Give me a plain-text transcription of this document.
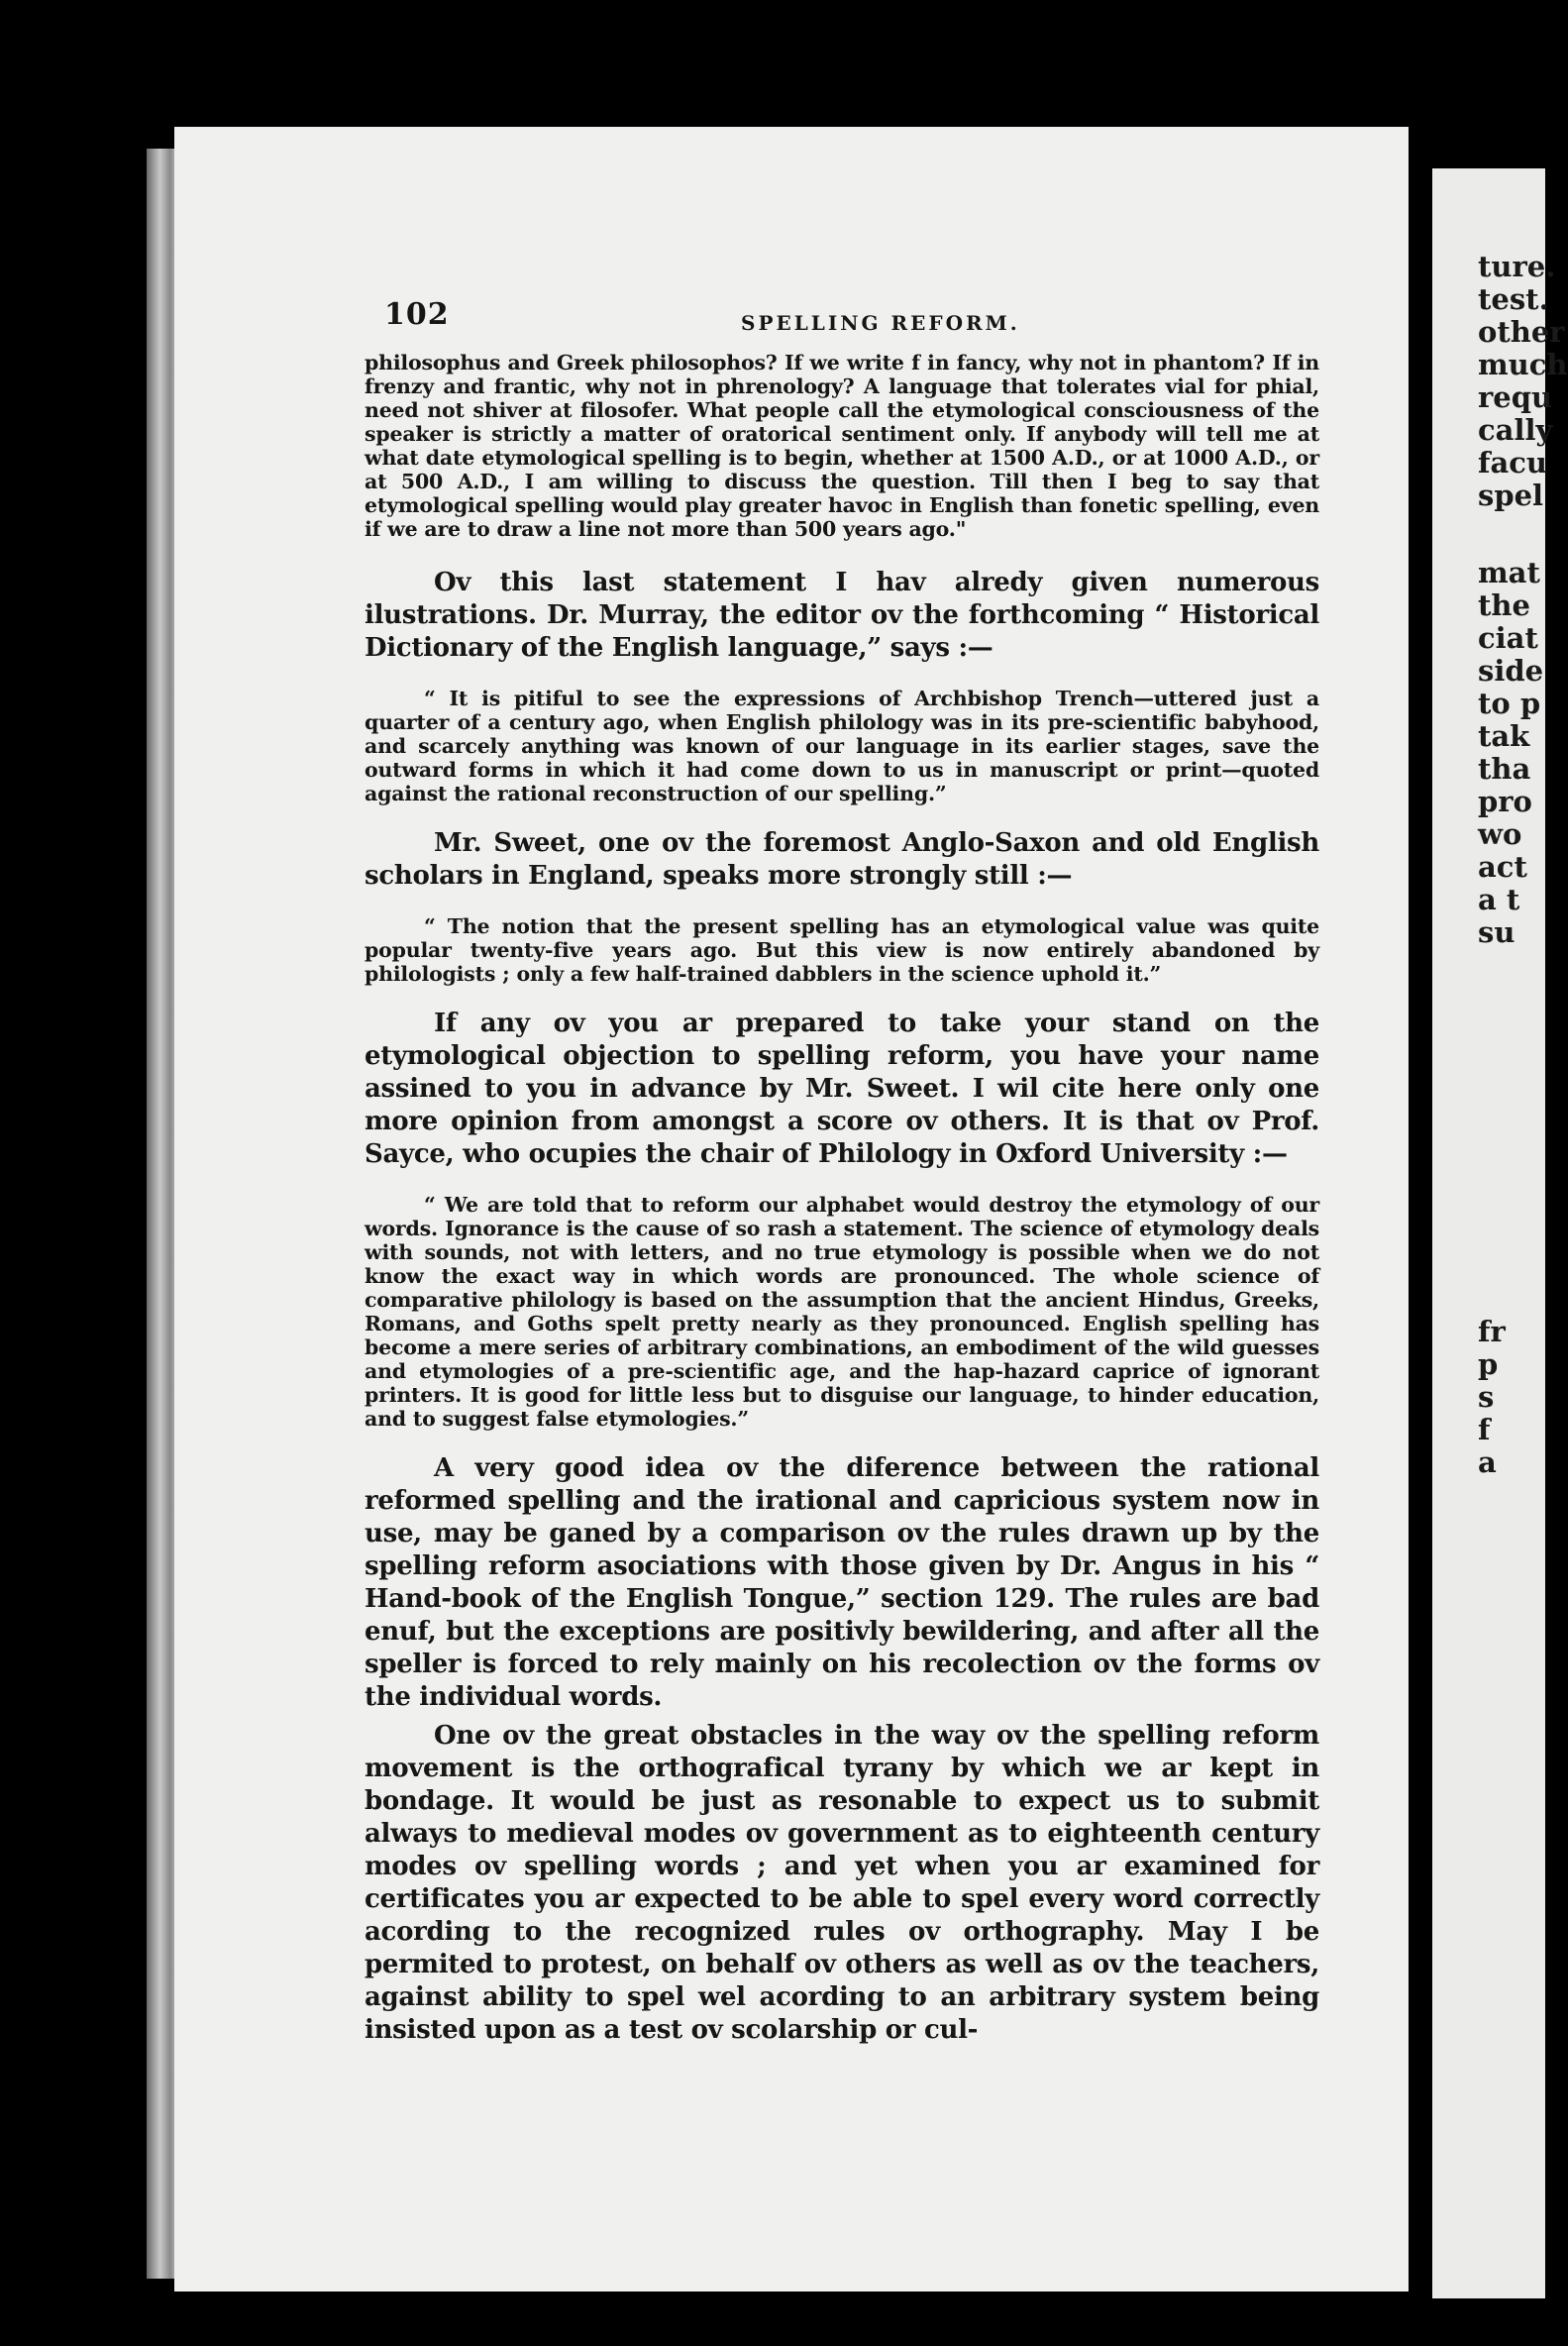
102	SPELLING REFORM.

philosophus and Greek philosophos? If we write f in fancy, why not in phantom? If in frenzy and frantic, why not in phrenology? A language that tolerates vial for phial, need not shiver at filosofer. What people call the etymological consciousness of the speaker is strictly a matter of oratorical sentiment only. If anybody will tell me at what date etymological spelling is to begin, whether at 1500 A.D., or at 1000 A.D., or at 500 A.D., I am willing to discuss the question. Till then I beg to say that etymological spelling would play greater havoc in English than fonetic spelling, even if we are to draw a line not more than 500 years ago."

Ov this last statement I hav alredy given numerous ilustrations. Dr. Murray, the editor ov the forthcoming “ Historical Dictionary of the English language,” says :—

“ It is pitiful to see the expressions of Archbishop Trench—uttered just a quarter of a century ago, when English philology was in its pre-scientific babyhood, and scarcely anything was known of our language in its earlier stages, save the outward forms in which it had come down to us in manuscript or print—quoted against the rational reconstruction of our spelling.”

Mr. Sweet, one ov the foremost Anglo-Saxon and old English scholars in England, speaks more strongly still :—

“ The notion that the present spelling has an etymological value was quite popular twenty-five years ago. But this view is now entirely abandoned by philologists ; only a few half-trained dabblers in the science uphold it.”

If any ov you ar prepared to take your stand on the etymological objection to spelling reform, you have your name assined to you in advance by Mr. Sweet. I wil cite here only one more opinion from amongst a score ov others. It is that ov Prof. Sayce, who ocupies the chair of Philology in Oxford University :—

“ We are told that to reform our alphabet would destroy the etymology of our words. Ignorance is the cause of so rash a statement. The science of etymology deals with sounds, not with letters, and no true etymology is possible when we do not know the exact way in which words are pronounced. The whole science of comparative philology is based on the assumption that the ancient Hindus, Greeks, Romans, and Goths spelt pretty nearly as they pronounced. English spelling has become a mere series of arbitrary combinations, an embodiment of the wild guesses and etymologies of a pre-scientific age, and the hap-hazard caprice of ignorant printers. It is good for little less but to disguise our language, to hinder education, and to suggest false etymologies.”

A very good idea ov the diference between the rational reformed spelling and the irational and capricious system now in use, may be ganed by a comparison ov the rules drawn up by the spelling reform asociations with those given by Dr. Angus in his “ Hand-book of the English Tongue,” section 129. The rules are bad enuf, but the exceptions are positivly bewildering, and after all the speller is forced to rely mainly on his recolection ov the forms ov the individual words.

One ov the great obstacles in the way ov the spelling reform movement is the orthografical tyrany by which we ar kept in bondage. It would be just as resonable to expect us to submit always to medieval modes ov government as to eighteenth century modes ov spelling words ; and yet when you ar examined for certificates you ar expected to be able to spel every word correctly acording to the recognized rules ov orthography. May I be permited to protest, on behalf ov others as well as ov the teachers, against ability to spel wel acording to an arbitrary system being insisted upon as a test ov scolarship or cul-

ture.
test.
other
much
requ
cally
facu
spel
mat
the
ciat
side
to p
tak
tha
pro
wo
act
a t
su
fr
p
s
f
a
